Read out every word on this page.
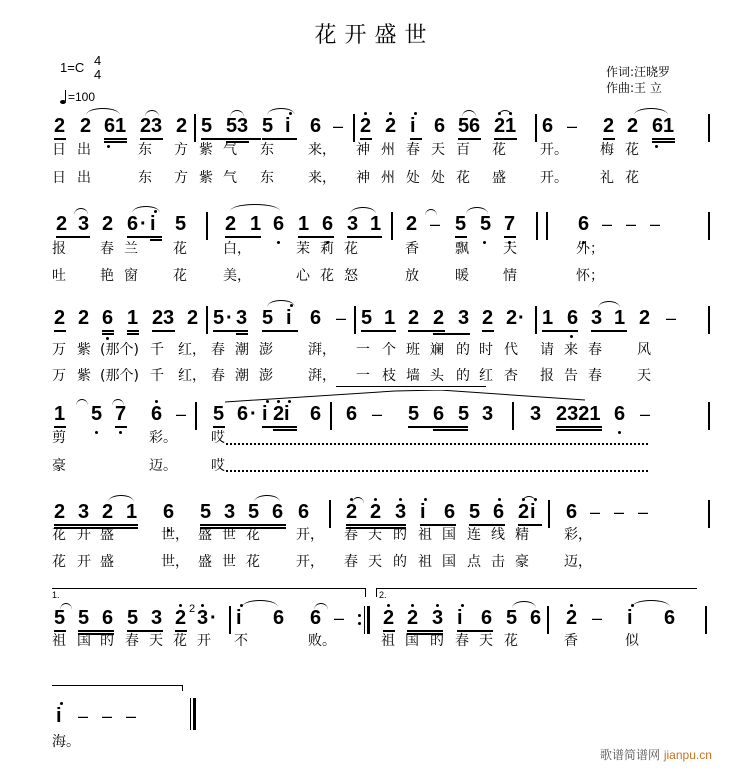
花开盛世
1=C 4
4
=100
作词:汪晓罗
作曲:王 立
2 2 6 1 2 3 2 5 5 3 5 i 6 – 2 2 i 6 5 6 2 1 6 – 2 2 6 1
日 出	东 方 紫 气 东 来， 神 州 春 天 百 花 开。 梅 花
日 出	东 方 紫 气 东 来， 神 州 处 处 花 盛 开。 礼 花
2 3 2 6 · i 5 2 1 6 1 6 3 1 2 – 5 5 7	6 – – –
报 春 兰	花	白，	茉 莉 花	香	飘 天	外；
吐 艳 窗	花	美，	心 花 怒	放	暖 情	怀；
2 2 6 1 2 3 2 5 · 3 5 i 6 – 5 1 2 2 3 2 2 · 1 6 3 1 2 –
万 紫 (那个) 千 红， 春 潮 澎	湃， 一 个 班 斓 的 时 代 请 来 春	风
万 紫 (那个) 千 红， 春 潮 澎	湃， 一 枝 墙 头 的 红 杏 报 告 春	天
1 5 7 6 – 5 6 · i 2 i 6 6 – 5 6 5 3 3 2321 6 –
剪	彩。 哎
豪	迈。 哎
2 3 2 1 6 5 3 5 6 6 2 2 3 i 6 5 6 2 i 6 – – –
花 开 盛	世， 盛 世 花	开， 春 天 的 祖 国 连 线 精	彩，
花 开 盛	世， 盛 世 花	开， 春 天 的 祖 国 点 击 豪	迈，
1.	2.
5 5 6 5 3 2 2 3 · i 6 6 – 2 2 3 i 6 5 6 2 – i 6
祖 国 的 春 天 花 开 不	败。	祖 国 的 春 天 花	香	似
i – – –
海。
歌谱简谱网 jianpu.cn
